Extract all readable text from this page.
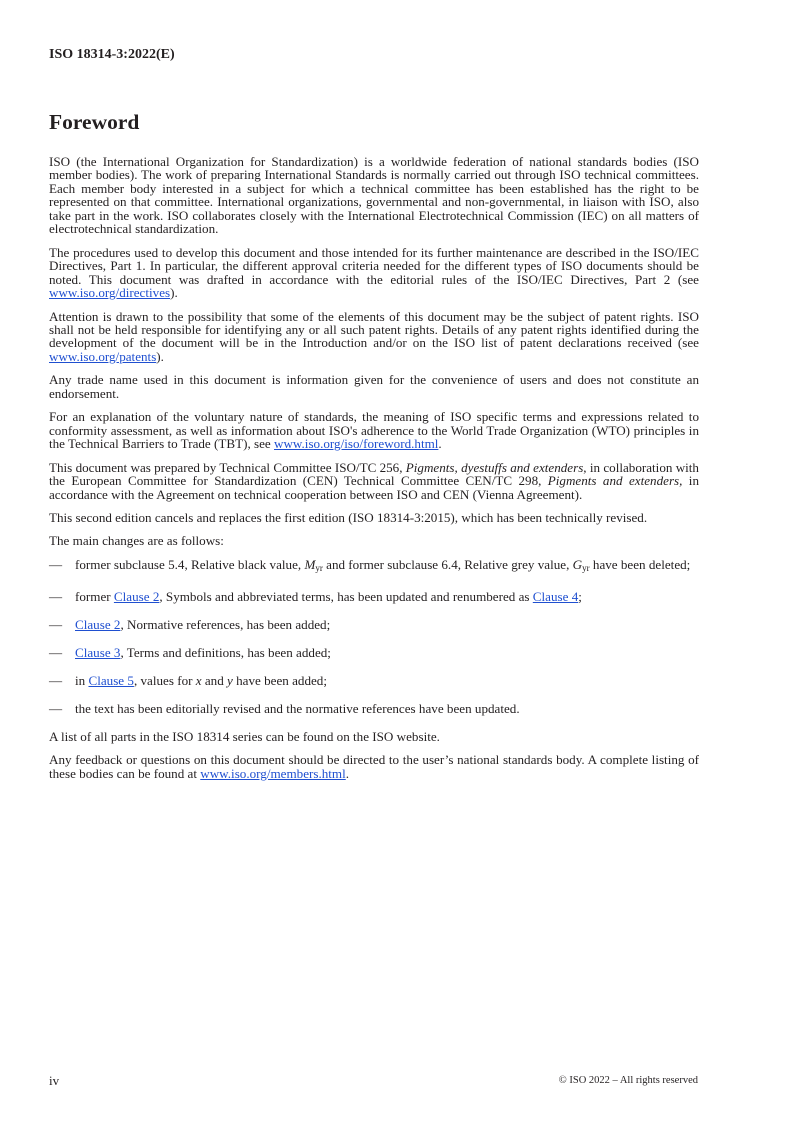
ISO 18314-3:2022(E)
Foreword

ISO (the International Organization for Standardization) is a worldwide federation of national standards bodies (ISO member bodies). The work of preparing International Standards is normally carried out through ISO technical committees. Each member body interested in a subject for which a technical committee has been established has the right to be represented on that committee. International organizations, governmental and non-governmental, in liaison with ISO, also take part in the work. ISO collaborates closely with the International Electrotechnical Commission (IEC) on all matters of electrotechnical standardization.

The procedures used to develop this document and those intended for its further maintenance are described in the ISO/IEC Directives, Part 1. In particular, the different approval criteria needed for the different types of ISO documents should be noted. This document was drafted in accordance with the editorial rules of the ISO/IEC Directives, Part 2 (see www.iso.org/directives).

Attention is drawn to the possibility that some of the elements of this document may be the subject of patent rights. ISO shall not be held responsible for identifying any or all such patent rights. Details of any patent rights identified during the development of the document will be in the Introduction and/or on the ISO list of patent declarations received (see www.iso.org/patents).

Any trade name used in this document is information given for the convenience of users and does not constitute an endorsement.

For an explanation of the voluntary nature of standards, the meaning of ISO specific terms and expressions related to conformity assessment, as well as information about ISO's adherence to the World Trade Organization (WTO) principles in the Technical Barriers to Trade (TBT), see www.iso.org/iso/foreword.html.

This document was prepared by Technical Committee ISO/TC 256, Pigments, dyestuffs and extenders, in collaboration with the European Committee for Standardization (CEN) Technical Committee CEN/TC 298, Pigments and extenders, in accordance with the Agreement on technical cooperation between ISO and CEN (Vienna Agreement).

This second edition cancels and replaces the first edition (ISO 18314-3:2015), which has been technically revised.

The main changes are as follows:

— former subclause 5.4, Relative black value, $M_{yr}$ and former subclause 6.4, Relative grey value, $G_{yr}$ have been deleted;
— former Clause 2, Symbols and abbreviated terms, has been updated and renumbered as Clause 4;
— Clause 2, Normative references, has been added;
— Clause 3, Terms and definitions, has been added;
— in Clause 5, values for x and y have been added;
— the text has been editorially revised and the normative references have been updated.

A list of all parts in the ISO 18314 series can be found on the ISO website.

Any feedback or questions on this document should be directed to the user’s national standards body. A complete listing of these bodies can be found at www.iso.org/members.html.

iv	© ISO 2022 – All rights reserved
